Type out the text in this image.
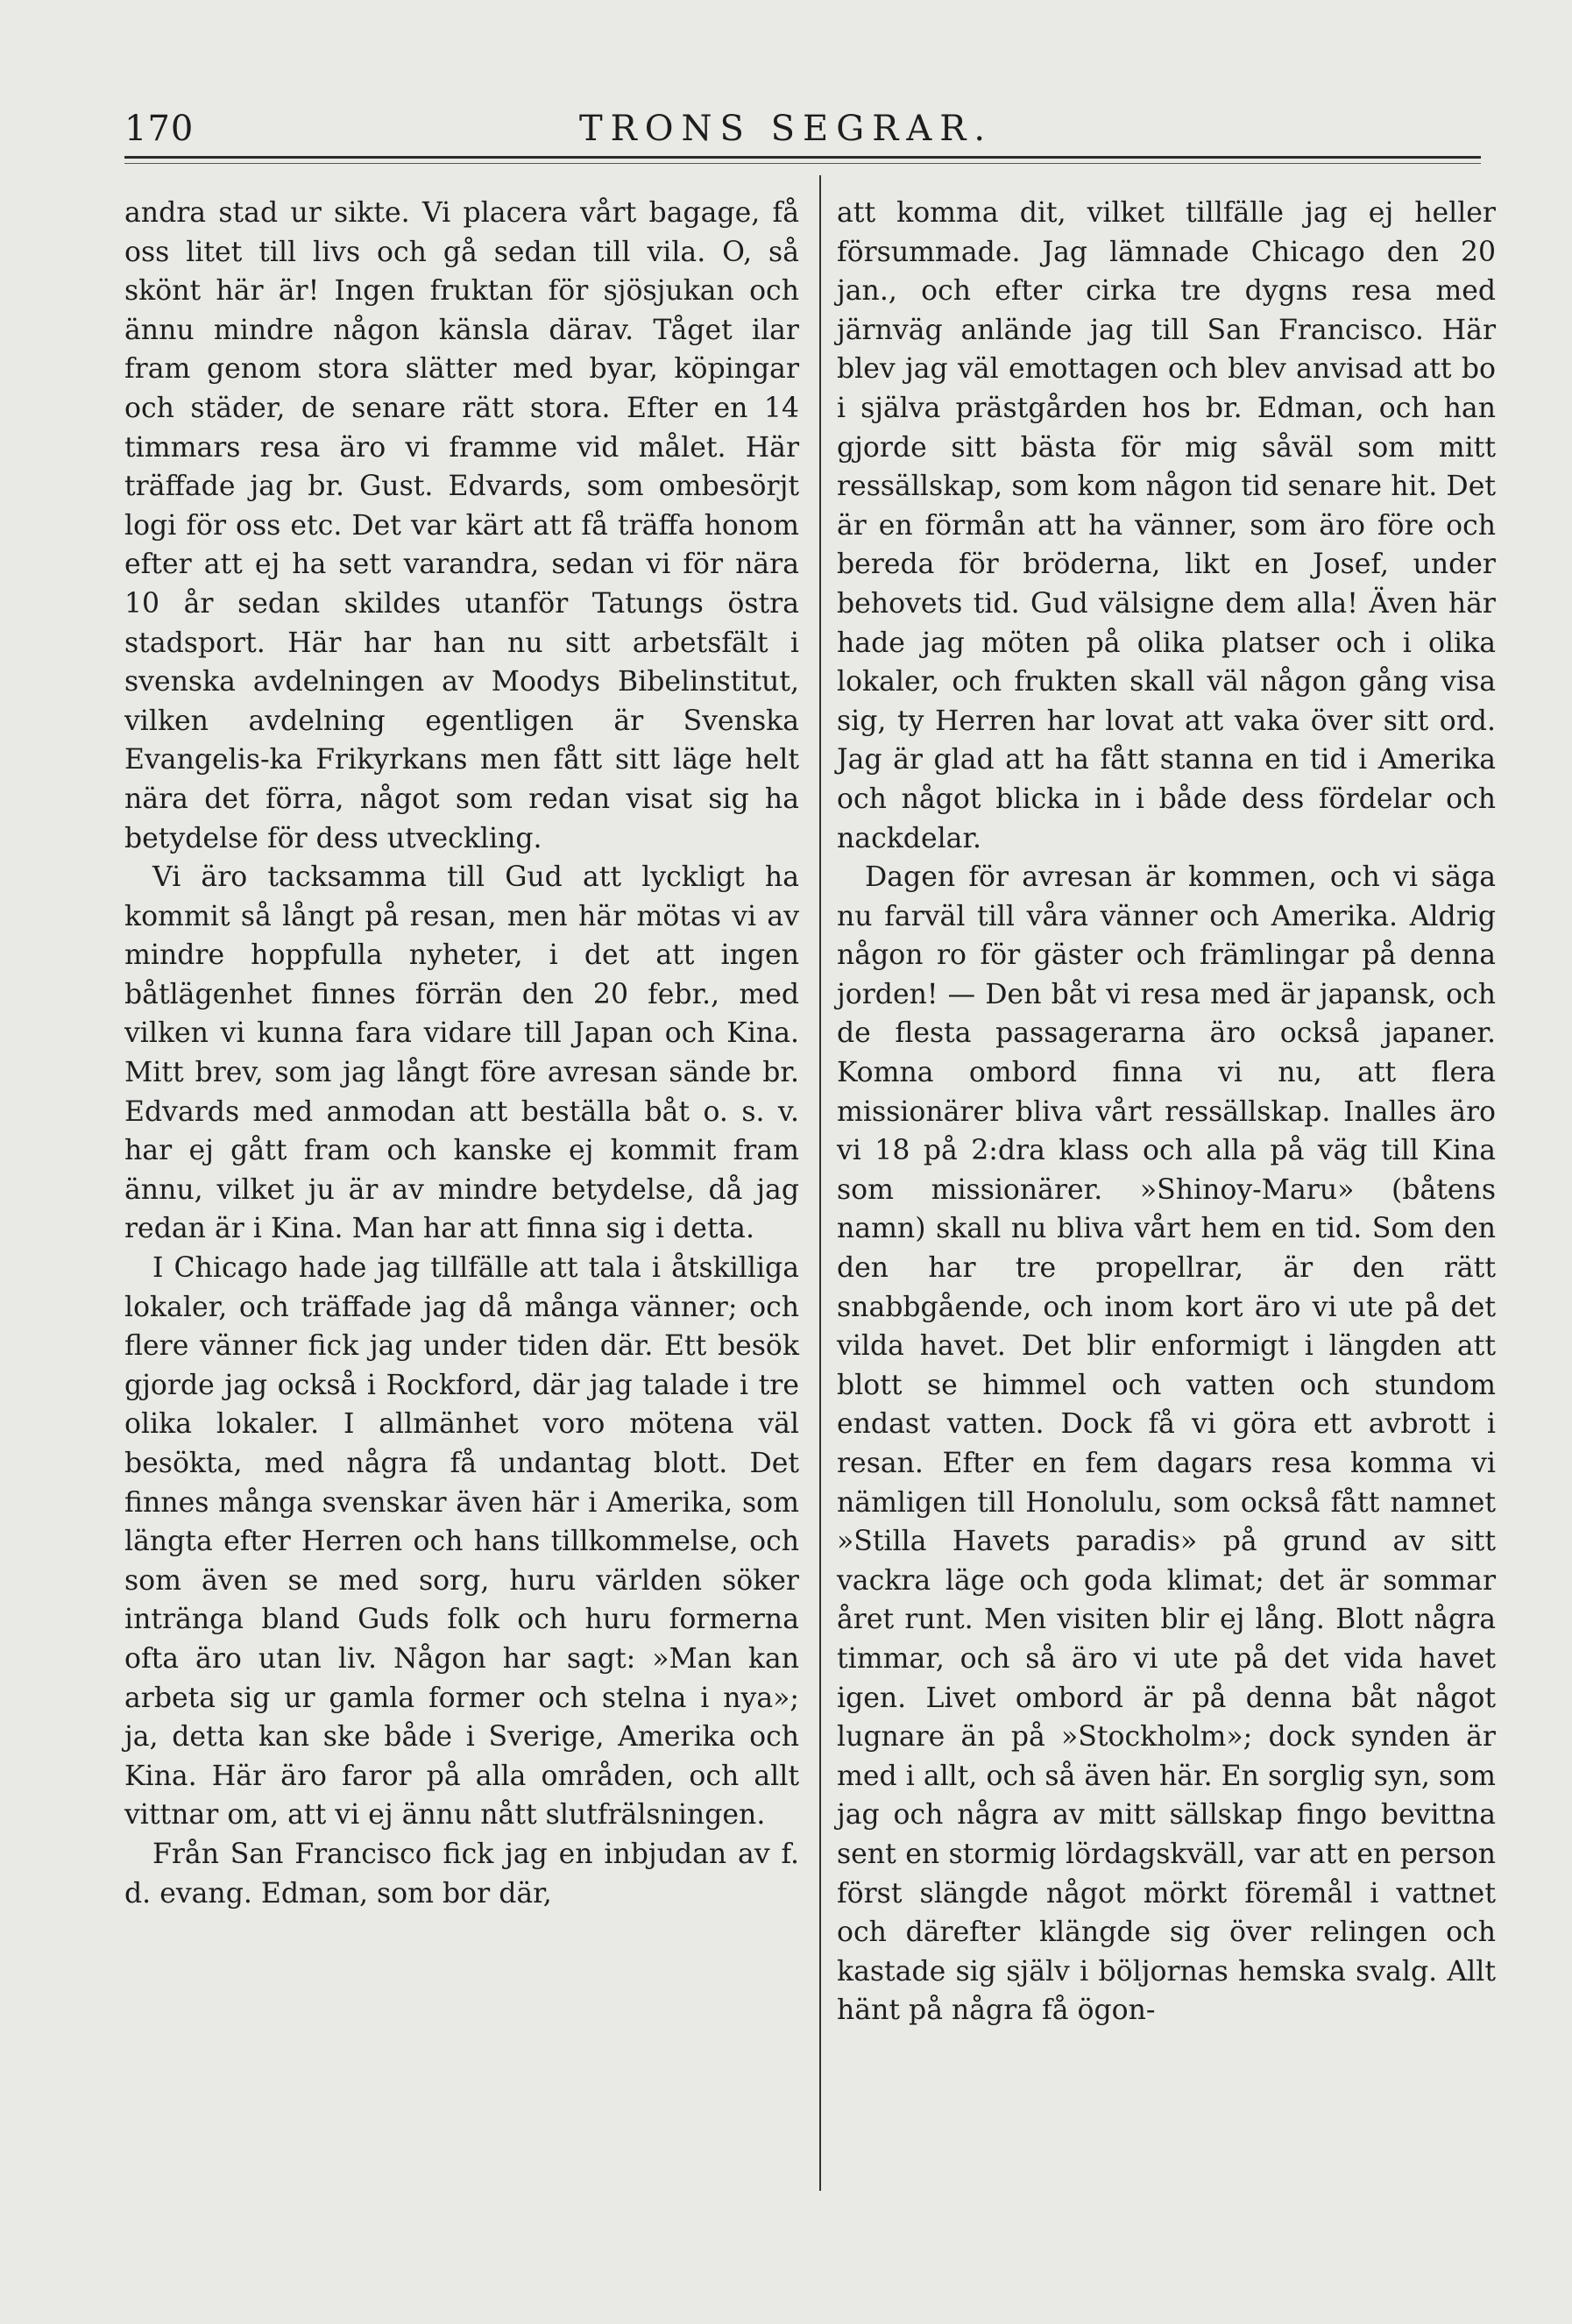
170	TRONS SEGRAR.

andra stad ur sikte. Vi placera vårt bagage, få oss litet till livs och gå sedan till vila. O, så skönt här är! Ingen fruktan för sjösjukan och ännu mindre någon känsla därav. Tåget ilar fram genom stora slätter med byar, köpingar och städer, de senare rätt stora. Efter en 14 timmars resa äro vi framme vid målet. Här träffade jag br. Gust. Edvards, som ombesörjt logi för oss etc. Det var kärt att få träffa honom efter att ej ha sett varandra, sedan vi för nära 10 år sedan skildes utanför Tatungs östra stadsport. Här har han nu sitt arbetsfält i svenska avdelningen av Moodys Bibelinstitut, vilken avdelning egentligen är Svenska Evangelis-ka Frikyrkans men fått sitt läge helt nära det förra, något som redan visat sig ha betydelse för dess utveckling.

Vi äro tacksamma till Gud att lyckligt ha kommit så långt på resan, men här mötas vi av mindre hoppfulla nyheter, i det att ingen båtlägenhet finnes förrän den 20 febr., med vilken vi kunna fara vidare till Japan och Kina. Mitt brev, som jag långt före avresan sände br. Edvards med anmodan att beställa båt o. s. v. har ej gått fram och kanske ej kommit fram ännu, vilket ju är av mindre betydelse, då jag redan är i Kina. Man har att finna sig i detta.

I Chicago hade jag tillfälle att tala i åtskilliga lokaler, och träffade jag då många vänner; och flere vänner fick jag under tiden där. Ett besök gjorde jag också i Rockford, där jag talade i tre olika lokaler. I allmänhet voro mötena väl besökta, med några få undantag blott. Det finnes många svenskar även här i Amerika, som längta efter Herren och hans tillkommelse, och som även se med sorg, huru världen söker intränga bland Guds folk och huru formerna ofta äro utan liv. Någon har sagt: »Man kan arbeta sig ur gamla former och stelna i nya»; ja, detta kan ske både i Sverige, Amerika och Kina. Här äro faror på alla områden, och allt vittnar om, att vi ej ännu nått slutfrälsningen.

Från San Francisco fick jag en inbjudan av f. d. evang. Edman, som bor där,

att komma dit, vilket tillfälle jag ej heller försummade. Jag lämnade Chicago den 20 jan., och efter cirka tre dygns resa med järnväg anlände jag till San Francisco. Här blev jag väl emottagen och blev anvisad att bo i själva prästgården hos br. Edman, och han gjorde sitt bästa för mig såväl som mitt ressällskap, som kom någon tid senare hit. Det är en förmån att ha vänner, som äro före och bereda för bröderna, likt en Josef, under behovets tid. Gud välsigne dem alla! Även här hade jag möten på olika platser och i olika lokaler, och frukten skall väl någon gång visa sig, ty Herren har lovat att vaka över sitt ord. Jag är glad att ha fått stanna en tid i Amerika och något blicka in i både dess fördelar och nackdelar.

Dagen för avresan är kommen, och vi säga nu farväl till våra vänner och Amerika. Aldrig någon ro för gäster och främlingar på denna jorden! — Den båt vi resa med är japansk, och de flesta passagerarna äro också japaner. Komna ombord finna vi nu, att flera missionärer bliva vårt ressällskap. Inalles äro vi 18 på 2:dra klass och alla på väg till Kina som missionärer. »Shinoy-Maru» (båtens namn) skall nu bliva vårt hem en tid. Som den den har tre propellrar, är den rätt snabbgående, och inom kort äro vi ute på det vilda havet. Det blir enformigt i längden att blott se himmel och vatten och stundom endast vatten. Dock få vi göra ett avbrott i resan. Efter en fem dagars resa komma vi nämligen till Honolulu, som också fått namnet »Stilla Havets paradis» på grund av sitt vackra läge och goda klimat; det är sommar året runt. Men visiten blir ej lång. Blott några timmar, och så äro vi ute på det vida havet igen. Livet ombord är på denna båt något lugnare än på »Stockholm»; dock synden är med i allt, och så även här. En sorglig syn, som jag och några av mitt sällskap fingo bevittna sent en stormig lördagskväll, var att en person först slängde något mörkt föremål i vattnet och därefter klängde sig över relingen och kastade sig själv i böljornas hemska svalg. Allt hänt på några få ögon-
